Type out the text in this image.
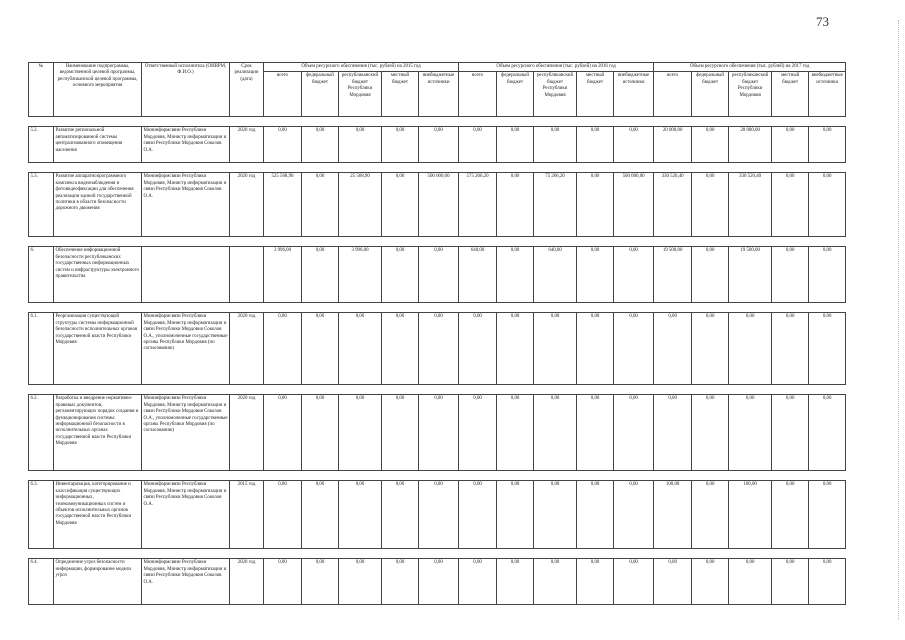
73
№	Наименование подпрограммы, ведомственной целевой программы, республиканской целевой программы, основного мероприятия	Ответственный исполнитель (ОИВРМ, Ф.И.О.)	Срок реализации (дата)	Объем ресурсного обеспечения (тыс. рублей) на 2015 год					Объем ресурсного обеспечения (тыс. рублей) на 2016 год					Объем ресурсного обеспечения (тыс. рублей) на 2017 год				
				всего	федеральный бюджет	республиканский бюджет Республики Мордовия	местный бюджет	внебюджетные источники	всего	федеральный бюджет	республиканский бюджет Республики Мордовия	местный бюджет	внебюджетные источники	всего	федеральный бюджет	республиканский бюджет Республики Мордовия	местный бюджет	внебюджетные источники

5.2.	Развитие региональной автоматизированной системы централизованного оповещения населения	Мининформсвязи Республики Мордовия, Министр информатизации и связи Республики Мордовия Соколов О.А.	2020 год	0,00	0,00	0,00	0,00	0,00	0,00	0,00	0,00	0,00	0,00	20 000,00	0,00	20 000,00	0,00	0,00

5.3.	Развитие аппаратнопрограммного комплекса видеонаблюдения и фотовидеофиксации для обеспечения реализации единой государственной политики в области безопасности дорожного движения	Мининформсвязи Республики Мордовия, Министр информатизации и связи Республики Мордовия Соколов О.А.	2020 год	525 568,90	0,00	25 568,90	0,00	500 000,00	575 266,20	0,00	75 266,20	0,00	500 000,00	330 520,40	0,00	330 520,40	0,00	0,00

6.	Обеспечение информационной безопасности республиканских государственных информационных систем и инфраструктуры электронного правительства			3 996,00	0,00	3 996,00	0,00	0,00	640,00	0,00	640,00	0,00	0,00	19 500,00	0,00	19 500,00	0,00	0,00

6.1.	Реорганизация существующей структуры системы информационной безопасности исполнительных органов государственной власти Республики Мордовия	Мининформсвязи Республики Мордовия, Министр информатизации и связи Республики Мордовия Соколов О.А., уполномоченные государственные органы Республики Мордовия (по согласованию)	2020 год	0,00	0,00	0,00	0,00	0,00	0,00	0,00	0,00	0,00	0,00	0,00	0,00	0,00	0,00	0,00

6.2.	Разработка и внедрение нормативно-правовых документов, регламентирующих порядок создания и функционирования системы информационной безопасности в исполнительных органах государственной власти Республики Мордовия	Мининформсвязи Республики Мордовия, Министр информатизации и связи Республики Мордовия Соколов О.А., уполномоченные государственные органы Республики Мордовия (по согласованию)	2020 год	0,00	0,00	0,00	0,00	0,00	0,00	0,00	0,00	0,00	0,00	0,00	0,00	0,00	0,00	0,00

6.3.	Инвентаризация, категорирование и классификация существующих информационных, телекоммуникационных систем и объектов исполнительных органов государственной власти Республики Мордовия	Мининформсвязи Республики Мордовия, Министр информатизации и связи Республики Мордовия Соколов О.А.	2015 год	0,00	0,00	0,00	0,00	0,00	0,00	0,00	0,00	0,00	0,00	100,00	0,00	100,00	0,00	0,00

6.4.	Определение угроз безопасности информации, формирование модели угроз	Мининформсвязи Республики Мордовия, Министр информатизации и связи Республики Мордовия Соколов О.А.	2020 год	0,00	0,00	0,00	0,00	0,00	0,00	0,00	0,00	0,00	0,00	0,00	0,00	0,00	0,00	0,00
